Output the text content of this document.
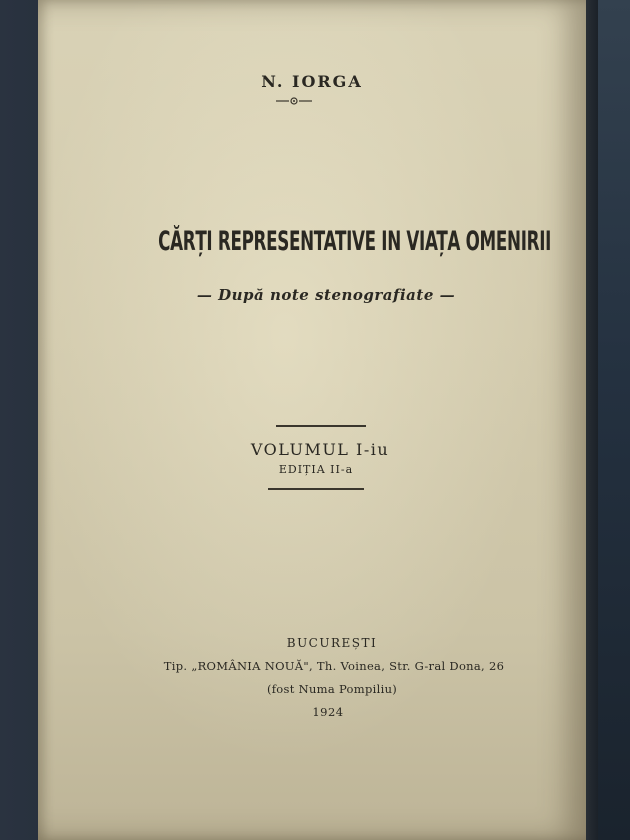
N. IORGA
CĂRȚI REPRESENTATIVE IN VIAȚA OMENIRII
— După note stenografiate —
VOLUMUL I-iu
EDIȚIA II-a
BUCUREȘTI
Tip. „ROMÂNIA NOUĂ", Th. Voinea, Str. G-ral Dona, 26
(fost Numa Pompiliu)
1924
